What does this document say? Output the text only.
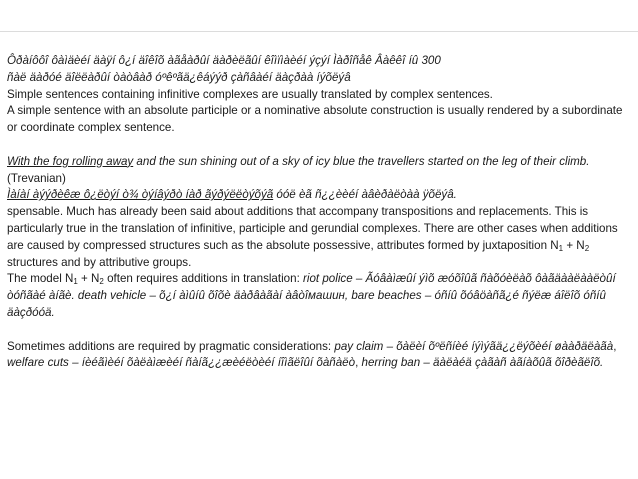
Ôðàíôôî ôàìäèéí äàÿí ô¿í äîêîõ àãåàðûí äàðèëãûí êîìïìàèéí ýçýí Ìàðîñåê Âàêêî íû 300

ñàë äàðóé äîëëàðûí òàòâàð óºêºãä¿êáýýð çàñâàéí äàçðàà íýõëýâ

Simple sentences containing infinitive complexes are usually translated by complex sentences.

A simple sentence with an absolute participle or a nominative absolute construction is usually rendered by a subordinate or coordinate complex sentence.

With the fog rolling away and the sun shining out of a sky of icy blue the travellers started on the leg of their climb. (Trevanian)

Ìàíàí àýýðèêæ ô¿ëòýí ò¾ òýíâýðò íàð ãýðýëëòýõýã óóë èã ñ¿¿èèéí àâèðàëòàà ÿõëýâ.

spensable. Much has already been said about additions that accompany transpositions and replacements. This is particularly true in the translation of infinitive, participle and gerundial complexes. There are other cases when additions are caused by compressed structures such as the absolute possessive, attributes formed by juxtaposition $N_1 + N_2$ structures and by attributive groups.

The model $N_1 + N_2$ often requires additions in translation: riot police – Ãóâàìæûí ýìõ æóõîûã ñàõóèëàõ ôàãäààëààëòûí òóñãàé àíãè. death vehicle – õ¿í àìûíû õîõè äàðâàãàí àâòîмашин, bare beaches – óñíû õóâöàñã¿é ñýëæ áîëîõ óñíû äàçðóóä.

Sometimes additions are required by pragmatic considerations: pay claim – õàëèí õºëñíèé íýìýãä¿¿ëýõèéí øààðäëàãà, welfare cuts – íèéãìèéí õàëàìæèéí ñàíã¿¿æèéëòèéí íîìãëîûí õàñàëò, herring ban – äàëàéä çàãàñ àãíàõûã õîðèãëîõ.
